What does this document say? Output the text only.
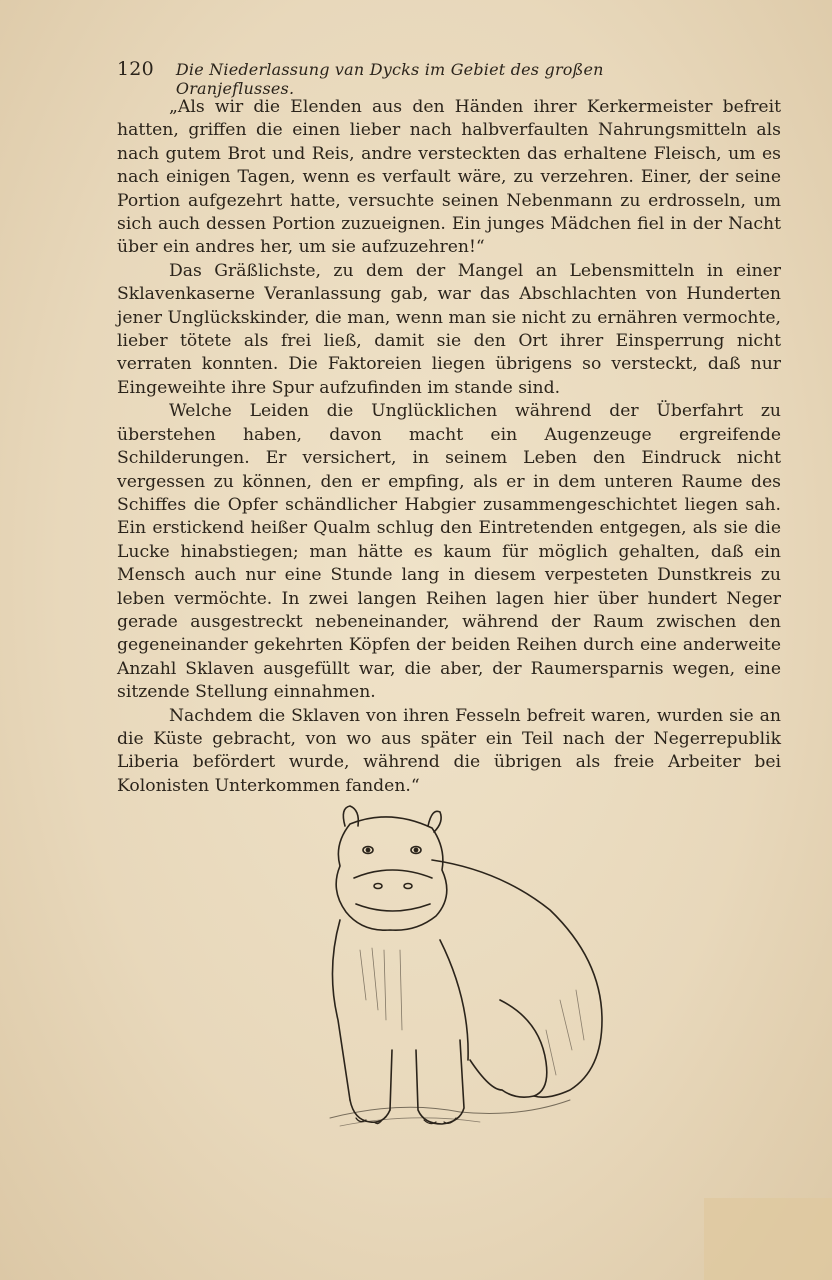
120 Die Niederlassung van Dycks im Gebiet des großen Oranjeflusses.

„Als wir die Elenden aus den Händen ihrer Kerkermeister befreit hatten, griffen die einen lieber nach halbverfaulten Nahrungsmitteln als nach gutem Brot und Reis, andre versteckten das erhaltene Fleisch, um es nach einigen Tagen, wenn es verfault wäre, zu verzehren. Einer, der seine Portion aufgezehrt hatte, versuchte seinen Nebenmann zu erdrosseln, um sich auch dessen Portion zuzueignen. Ein junges Mädchen fiel in der Nacht über ein andres her, um sie aufzuzehren!“

Das Gräßlichste, zu dem der Mangel an Lebensmitteln in einer Sklavenkaserne Veranlassung gab, war das Abschlachten von Hunderten jener Unglückskinder, die man, wenn man sie nicht zu ernähren vermochte, lieber tötete als frei ließ, damit sie den Ort ihrer Einsperrung nicht verraten konnten. Die Faktoreien liegen übrigens so versteckt, daß nur Eingeweihte ihre Spur aufzufinden im stande sind.

Welche Leiden die Unglücklichen während der Überfahrt zu überstehen haben, davon macht ein Augenzeuge ergreifende Schilderungen. Er versichert, in seinem Leben den Eindruck nicht vergessen zu können, den er empfing, als er in dem unteren Raume des Schiffes die Opfer schändlicher Habgier zusammengeschichtet liegen sah. Ein erstickend heißer Qualm schlug den Eintretenden entgegen, als sie die Lucke hinabstiegen; man hätte es kaum für möglich gehalten, daß ein Mensch auch nur eine Stunde lang in diesem verpesteten Dunstkreis zu leben vermöchte. In zwei langen Reihen lagen hier über hundert Neger gerade ausgestreckt nebeneinander, während der Raum zwischen den gegeneinander gekehrten Köpfen der beiden Reihen durch eine anderweite Anzahl Sklaven ausgefüllt war, die aber, der Raumersparnis wegen, eine sitzende Stellung einnahmen.

Nachdem die Sklaven von ihren Fesseln befreit waren, wurden sie an die Küste gebracht, von wo aus später ein Teil nach der Negerrepublik Liberia befördert wurde, während die übrigen als freie Arbeiter bei Kolonisten Unterkommen fanden.“
